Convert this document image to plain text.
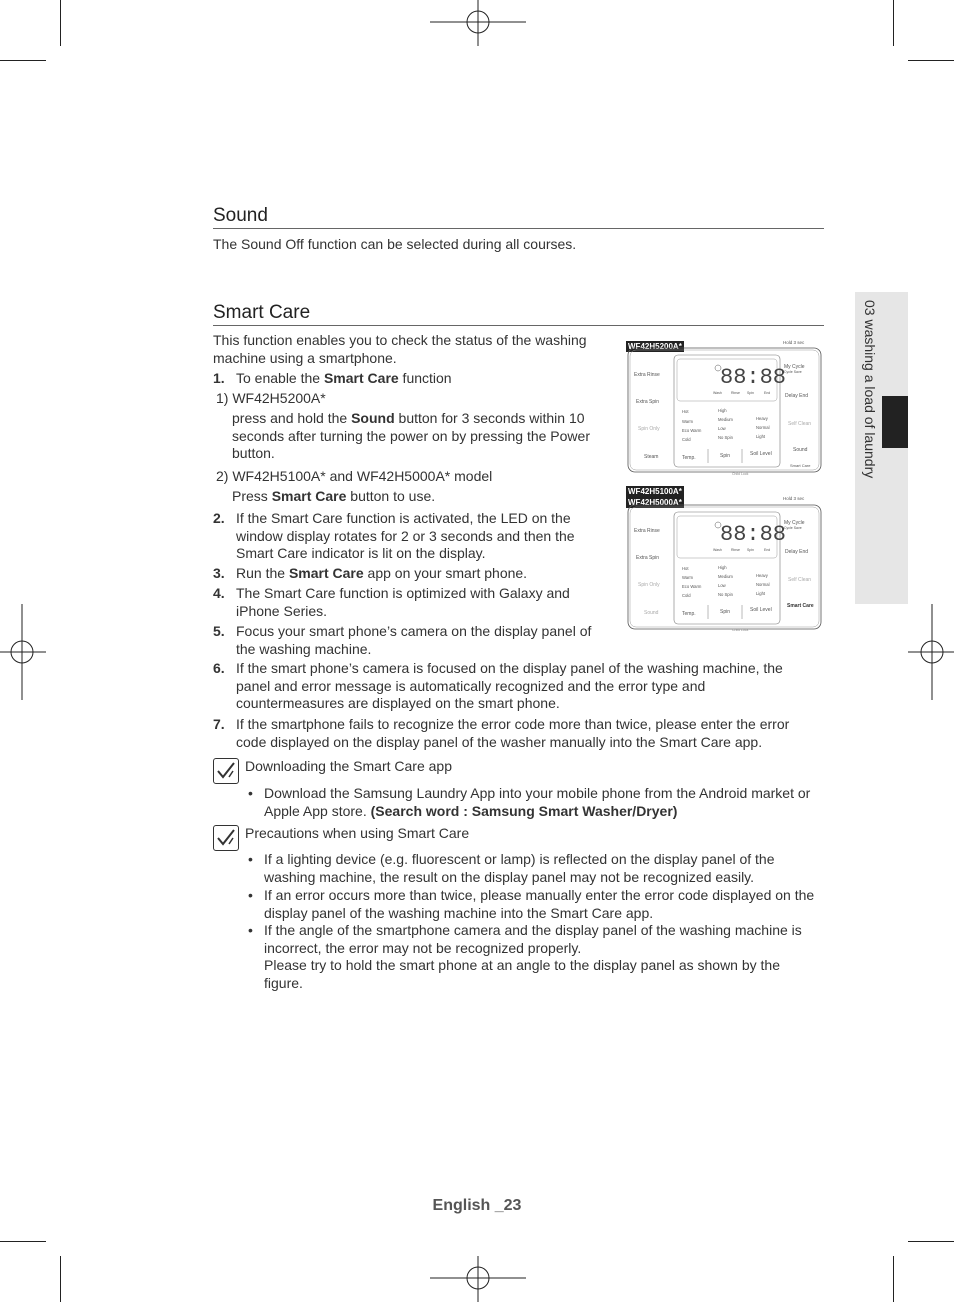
03 washing a load of laundry
Sound
The Sound Off function can be selected during all courses.
Smart Care
This function enables you to check the status of the washing machine using a smartphone.
1. To enable the Smart Care function
1) WF42H5200A*
press and hold the Sound button for 3 seconds within 10 seconds after turning the power on by pressing the Power button.
2) WF42H5100A* and WF42H5000A* model
Press Smart Care button to use.
2. If the Smart Care function is activated, the LED on the window display rotates for 2 or 3 seconds and then the Smart Care indicator is lit on the display.
3. Run the Smart Care app on your smart phone.
4. The Smart Care function is optimized with Galaxy and iPhone Series.
5. Focus your smart phone’s camera on the display panel of the washing machine.
6. If the smart phone’s camera is focused on the display panel of the washing machine, the panel and error message is automatically recognized and the error type and countermeasures are displayed on the smart phone.
7. If the smartphone fails to recognize the error code more than twice, please enter the error code displayed on the display panel of the washer manually into the Smart Care app.
WF42H5200A*
WF42H5100A*
WF42H5000A*
Hold 3 sec
Extra Rinse
Extra Spin
Spin Only
Steam
My Cycle
Cycle Save
Delay End
Self Clean
Sound
Smart Care
88:88
Wash	Rinse Spin	End
Hot
Warm
Eco Warm
Cold
High
Medium
Low
No Spin
Heavy
Normal
Light
Temp.	Spin	Soil Level
Child Lock
Hold 3 sec
Extra Rinse
Extra Spin
Spin Only
Sound
My Cycle
Cycle Save
Delay End
Self Clean
Smart Care
88:88
Wash	Rinse Spin	End
Hot
Warm
Eco Warm
Cold
High
Medium
Low
No Spin
Heavy
Normal
Light
Temp.	Spin	Soil Level
Child Lock
Downloading the Smart Care app
• Download the Samsung Laundry App into your mobile phone from the Android market or Apple App store. (Search word : Samsung Smart Washer/Dryer)
Precautions when using Smart Care
• If a lighting device (e.g. fluorescent or lamp) is reflected on the display panel of the washing machine, the result on the display panel may not be recognized easily.
• If an error occurs more than twice, please manually enter the error code displayed on the display panel of the washing machine into the Smart Care app.
• If the angle of the smartphone camera and the display panel of the washing machine is incorrect, the error may not be recognized properly.
Please try to hold the smart phone at an angle to the display panel as shown by the figure.
English _23
